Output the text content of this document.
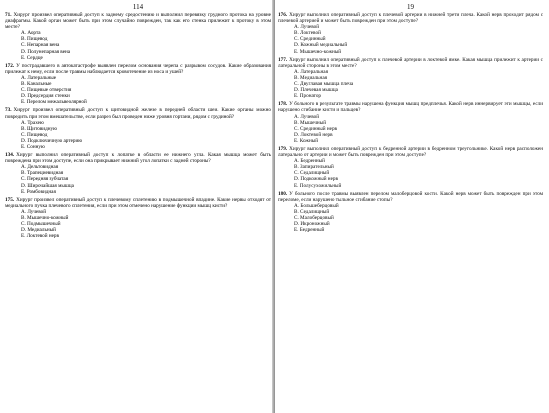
114

71. Хирург произвел оперативный доступ к заднему средостению и выполнил перевязку грудного протока на уровне диафрагмы. Какой орган может быть при этом случайно поврежден, так как его стенка прилежит к протоку в этом месте?

A. Аорта
B. Пищевод
C. Непарная вена
D. Полунепарная вена
E. Сердце

172. У пострадавшего в автокатастрофе выявлен перелом основания черепа с разрывом сосудов. Какие образования прилежат к нему, если после травмы наблюдается кровотечение из носа и ушей?

A. Латеральные
B. Канальные
C. Пищевые отверстия
D. Предсердия стенки
E. Перелом межальвеолярной

73. Хирург произвел оперативный доступ к щитовидной железе в передней области шеи. Какие органы можно повредить при этом вмешательстве, если разрез был проведен ниже уровня гортани, рядом с грудиной?

A. Трахею
B. Щитовидную
C. Пищевод
D. Подключичную артерию
E. Сонную

134. Хирург выполнил оперативный доступ к лопатке в области ее нижнего угла. Какая мышца может быть повреждена при этом доступе, если она прикрывает нижний угол лопатки с задней стороны?

A. Дельтовидная
B. Трапециевидная
C. Передняя зубчатая
D. Широчайшая мышца
E. Ромбовидная

175. Хирург произвел оперативный доступ к плечевому сплетению в подмышечной впадине. Какие нервы отходят от медиального пучка плечевого сплетения, если при этом отмечено нарушение функции мышц кисти?

A. Лучевой
B. Мышечно-кожный
C. Подмышечный
D. Медиальный
E. Локтевой нерв
19

176. Хирург выполнил оперативный доступ к плечевой артерии в нижней трети плеча. Какой нерв проходит рядом с плечевой артерией и может быть поврежден при этом доступе?

A. Лучевой
B. Локтевой
C. Срединный
D. Кожный медиальный
E. Мышечно-кожный

177. Хирург выполнил оперативный доступ к плечевой артерии в локтевой ямке. Какая мышца прилежит к артерии с латеральной стороны в этом месте?

A. Латеральная
B. Медиальная
C. Двуглавая мышца плеча
D. Плечевая мышца
E. Пронатор

178. У больного в результате травмы нарушена функция мышц предплечья. Какой нерв иннервирует эти мышцы, если нарушено сгибание кисти и пальцев?

A. Лучевой
B. Мышечный
C. Срединный нерв
D. Локтевой нерв
E. Кожный

179. Хирург выполнил оперативный доступ к бедренной артерии в бедренном треугольнике. Какой нерв расположен латерально от артерии и может быть поврежден при этом доступе?

A. Бедренный
B. Запирательный
C. Седалищный
D. Подкожный нерв
E. Полусухожильный

180. У больного после травмы выявлен перелом малоберцовой кости. Какой нерв может быть поврежден при этом переломе, если нарушено тыльное сгибание стопы?

A. Большеберцовый
B. Седалищный
C. Малоберцовый
D. Икроножный
E. Бедренный
